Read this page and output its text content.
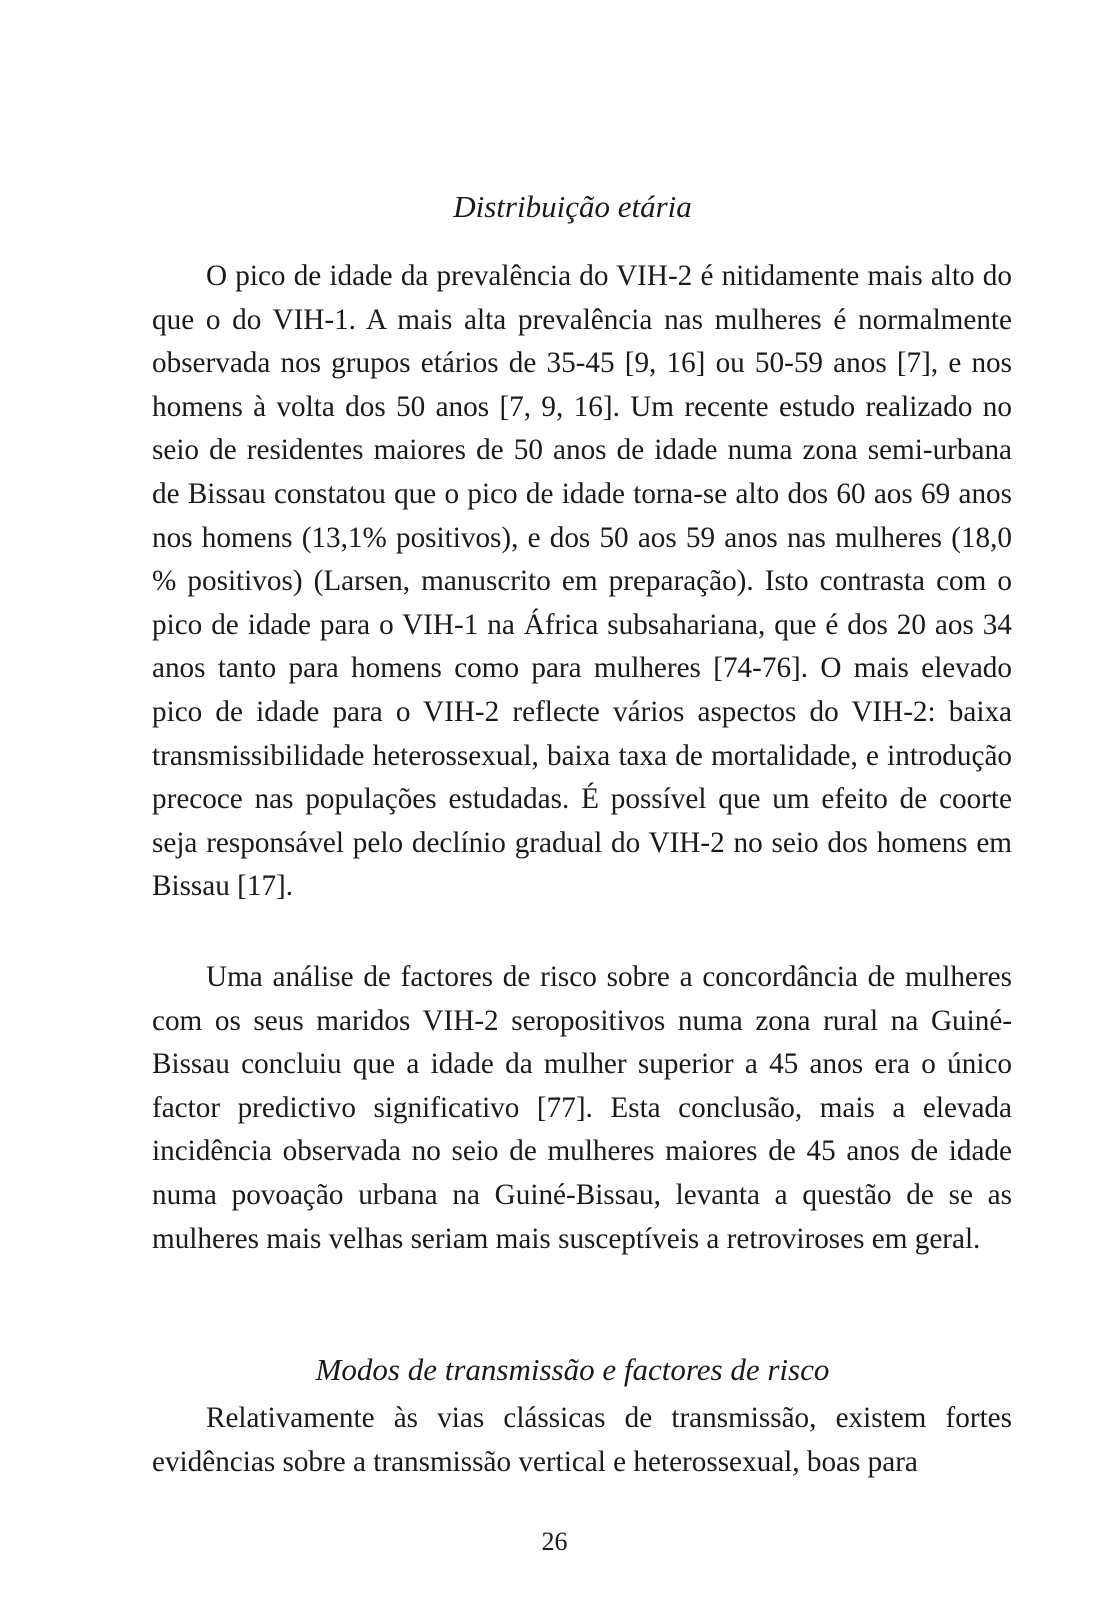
Distribuição etária

O pico de idade da prevalência do VIH-2 é nitidamente mais alto do que o do VIH-1. A mais alta prevalência nas mulheres é normalmente observada nos grupos etários de 35-45 [9, 16] ou 50-59 anos [7], e nos homens à volta dos 50 anos [7, 9, 16]. Um recente estudo realizado no seio de residentes maiores de 50 anos de idade numa zona semi-urbana de Bissau constatou que o pico de idade torna-se alto dos 60 aos 69 anos nos homens (13,1% positivos), e dos 50 aos 59 anos nas mulheres (18,0 % positivos) (Larsen, manuscrito em preparação). Isto contrasta com o pico de idade para o VIH-1 na África subsahariana, que é dos 20 aos 34 anos tanto para homens como para mulheres [74-76]. O mais elevado pico de idade para o VIH-2 reflecte vários aspectos do VIH-2: baixa transmissibilidade heterossexual, baixa taxa de mortalidade, e introdução precoce nas populações estudadas. É possível que um efeito de coorte seja responsável pelo declínio gradual do VIH-2 no seio dos homens em Bissau [17].

Uma análise de factores de risco sobre a concordância de mulheres com os seus maridos VIH-2 seropositivos numa zona rural na Guiné-Bissau concluiu que a idade da mulher superior a 45 anos era o único factor predictivo significativo [77]. Esta conclusão, mais a elevada incidência observada no seio de mulheres maiores de 45 anos de idade numa povoação urbana na Guiné-Bissau, levanta a questão de se as mulheres mais velhas seriam mais susceptíveis a retroviroses em geral.

Modos de transmissão e factores de risco

Relativamente às vias clássicas de transmissão, existem fortes evidências sobre a transmissão vertical e heterossexual, boas para

26
